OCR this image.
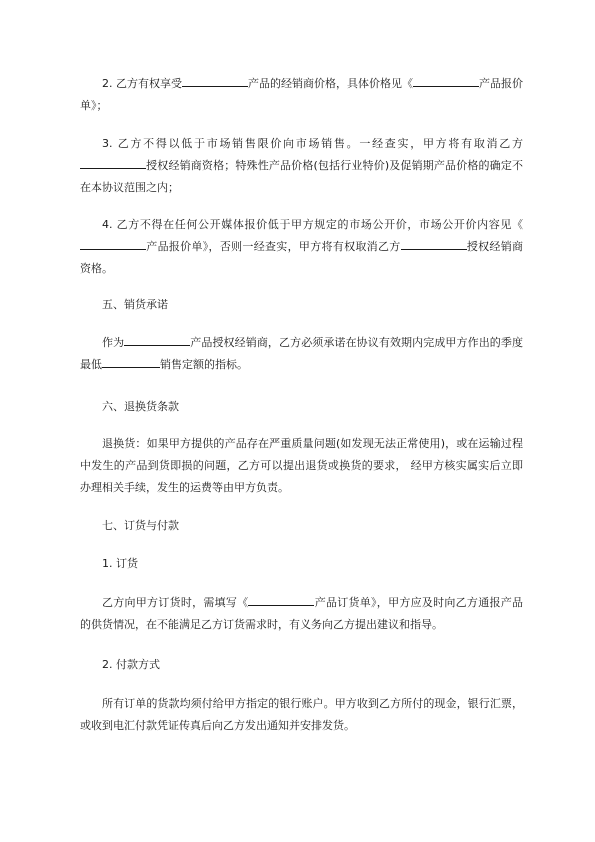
2. 乙方有权享受	产品的经销商价格，具体价格见《	产品报价单》；
3. 乙方不得以低于市场销售限价向市场销售。一经查实，甲方将有取消乙方授权经销商资格；特殊性产品价格(包括行业特价)及促销期产品价格的确定不在本协议范围之内；
4. 乙方不得在任何公开媒体报价低于甲方规定的市场公开价，市场公开价内容见《产品报价单》，否则一经查实，甲方将有权取消乙方	授权经销商资格。
五、销货承诺
作为	产品授权经销商，乙方必须承诺在协议有效期内完成甲方作出的季度最低	销售定额的指标。
六、退换货条款
退换货：如果甲方提供的产品存在严重质量问题(如发现无法正常使用)，或在运输过程中发生的产品到货即损的问题，乙方可以提出退货或换货的要求， 经甲方核实属实后立即办理相关手续，发生的运费等由甲方负责。
七、订货与付款
1. 订货
乙方向甲方订货时，需填写《	产品订货单》，甲方应及时向乙方通报产品的供货情况，在不能满足乙方订货需求时，有义务向乙方提出建议和指导。
2. 付款方式
所有订单的货款均须付给甲方指定的银行账户。甲方收到乙方所付的现金，银行汇票，或收到电汇付款凭证传真后向乙方发出通知并安排发货。
